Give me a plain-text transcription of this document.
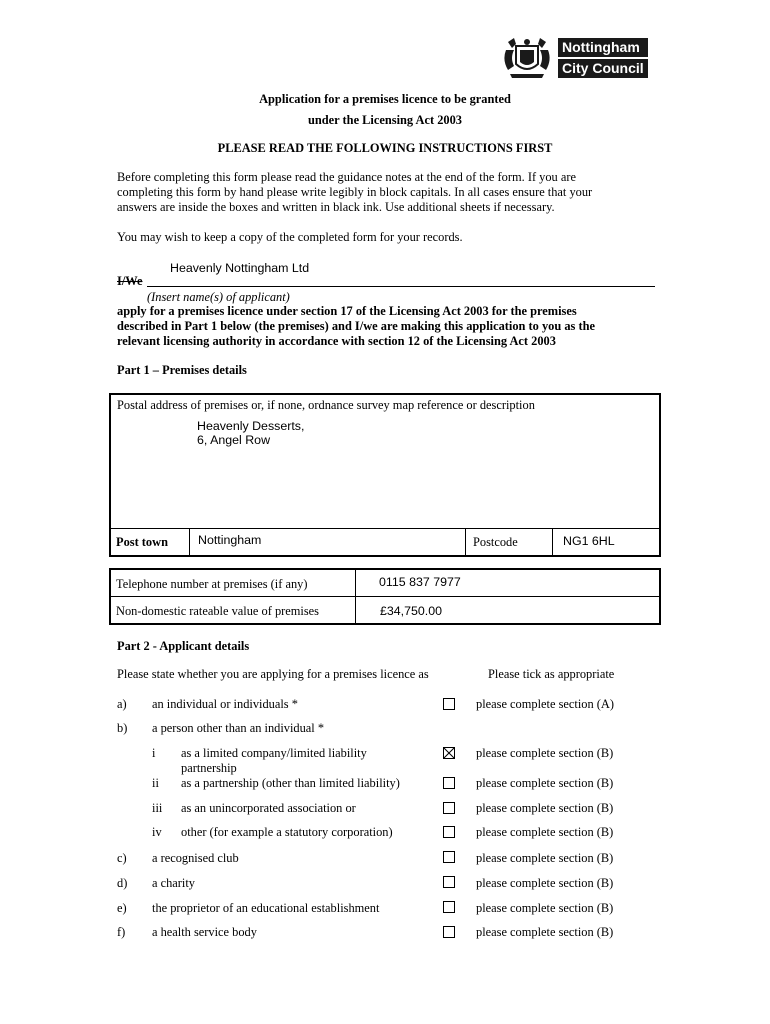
Nottingham
City Council
Application for a premises licence to be granted
under the Licensing Act 2003
PLEASE READ THE FOLLOWING INSTRUCTIONS FIRST
Before completing this form please read the guidance notes at the end of the form. If you are
completing this form by hand please write legibly in block capitals. In all cases ensure that your
answers are inside the boxes and written in black ink. Use additional sheets if necessary.
You may wish to keep a copy of the completed form for your records.
Heavenly Nottingham Ltd
I/We
(Insert name(s) of applicant)
apply for a premises licence under section 17 of the Licensing Act 2003 for the premises
described in Part 1 below (the premises) and I/we are making this application to you as the
relevant licensing authority in accordance with section 12 of the Licensing Act 2003
Part 1 – Premises details
Postal address of premises or, if none, ordnance survey map reference or description
Heavenly Desserts,
6, Angel Row
Post town Nottingham	Postcode	NG1 6HL
Telephone number at premises (if any)	0115 837 7977
Non-domestic rateable value of premises	£34,750.00
Part 2 - Applicant details
Please state whether you are applying for a premises licence as	Please tick as appropriate
a) an individual or individuals *	please complete section (A)
b) a person other than an individual *
i as a limited company/limited liability
partnership
please complete section (B)
ii as a partnership (other than limited liability)	please complete section (B)
iii as an unincorporated association or	please complete section (B)
iv other (for example a statutory corporation)	please complete section (B)
c) a recognised club	please complete section (B)
d) a charity	please complete section (B)
e) the proprietor of an educational establishment	please complete section (B)
f) a health service body	please complete section (B)
